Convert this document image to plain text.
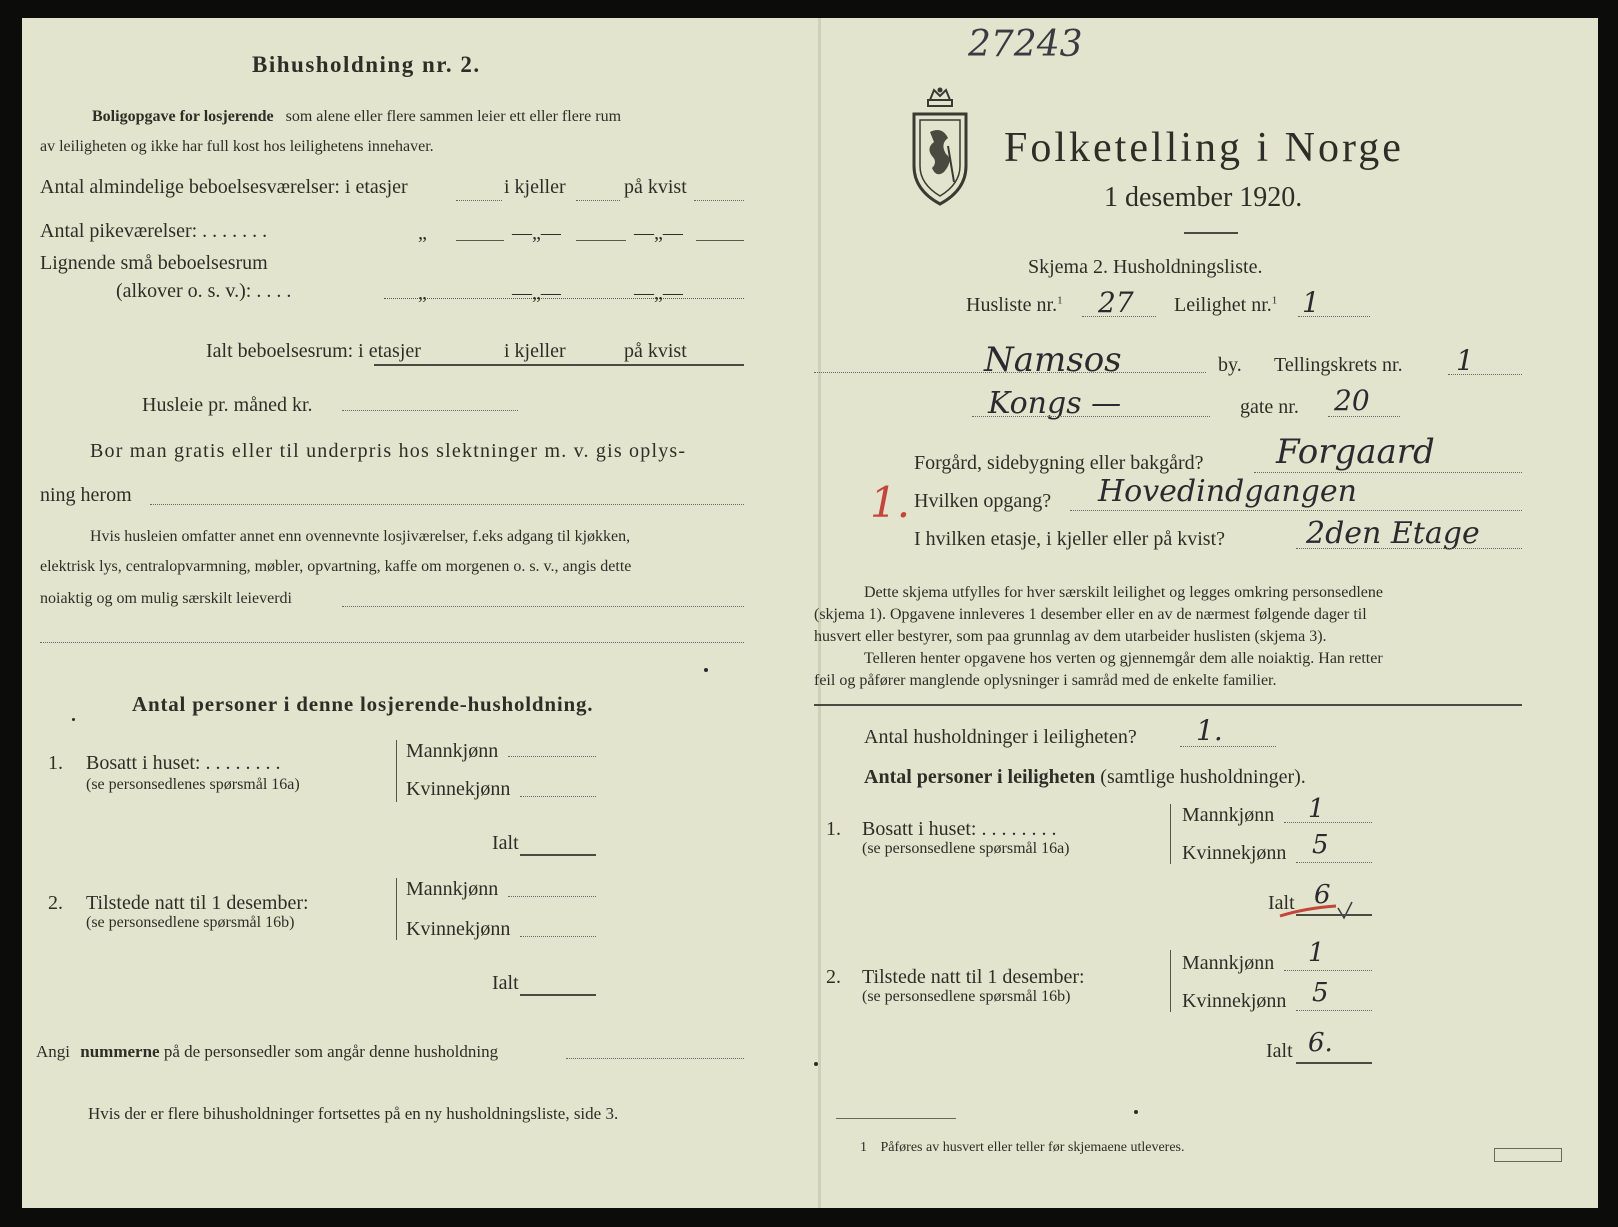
Bihusholdning nr. 2.
Boligopgave for losjerende som alene eller flere sammen leier ett eller flere rum
av leiligheten og ikke har full kost hos leilighetens innehaver.
Antal almindelige beboelsesværelser: i etasjer	i kjeller	på kvist
Antal pikeværelser: . . . . . . .	„	—„—	—„—
Lignende små beboelsesrum
(alkover o. s. v.): . . . .	„	—„—	—„—
Ialt beboelsesrum: i etasjer	i kjeller	på kvist
Husleie pr. måned kr.
Bor man gratis eller til underpris hos slektninger m. v. gis oplys-
ning herom
Hvis husleien omfatter annet enn ovennevnte losjiværelser, f.eks adgang til kjøkken,
elektrisk lys, centralopvarmning, møbler, opvartning, kaffe om morgenen o. s. v., angis dette
noiaktig og om mulig særskilt leieverdi
Antal personer i denne losjerende-husholdning.
1. Bosatt i huset: . . . . . . . .
(se personsedlenes spørsmål 16a)
Mannkjønn
Kvinnekjønn
Ialt
2. Tilstede natt til 1 desember:
(se personsedlene spørsmål 16b)
Mannkjønn
Kvinnekjønn
Ialt
Angi nummerne på de personsedler som angår denne husholdning
Hvis der er flere bihusholdninger fortsettes på en ny husholdningsliste, side 3.
27243
Folketelling i Norge
1 desember 1920.
Skjema 2. Husholdningsliste.
Husliste nr.$^1$ 27 Leilighet nr.$^1$ 1
Namsos	by. Tellingskrets nr. 1
Kongs —	gate nr. 20
Forgård, sidebygning eller bakgård? Forgaard
1. Hvilken opgang? Hovedindgangen
I hvilken etasje, i kjeller eller på kvist?	2den Etage
Dette skjema utfylles for hver særskilt leilighet og legges omkring personsedlene
(skjema 1). Opgavene innleveres 1 desember eller en av de nærmest følgende dager til
husvert eller bestyrer, som paa grunnlag av dem utarbeider huslisten (skjema 3).
Telleren henter opgavene hos verten og gjennemgår dem alle noiaktig. Han retter
feil og påfører manglende oplysninger i samråd med de enkelte familier.
Antal husholdninger i leiligheten? 1.
Antal personer i leiligheten (samtlige husholdninger).
1. Bosatt i huset: . . . . . . . .
(se personsedlene spørsmål 16a)
Mannkjønn 1
Kvinnekjønn 5
Ialt 6
2. Tilstede natt til 1 desember:
(se personsedlene spørsmål 16b)
Mannkjønn 1
Kvinnekjønn 5
Ialt 6.
1 Påføres av husvert eller teller før skjemaene utleveres.
